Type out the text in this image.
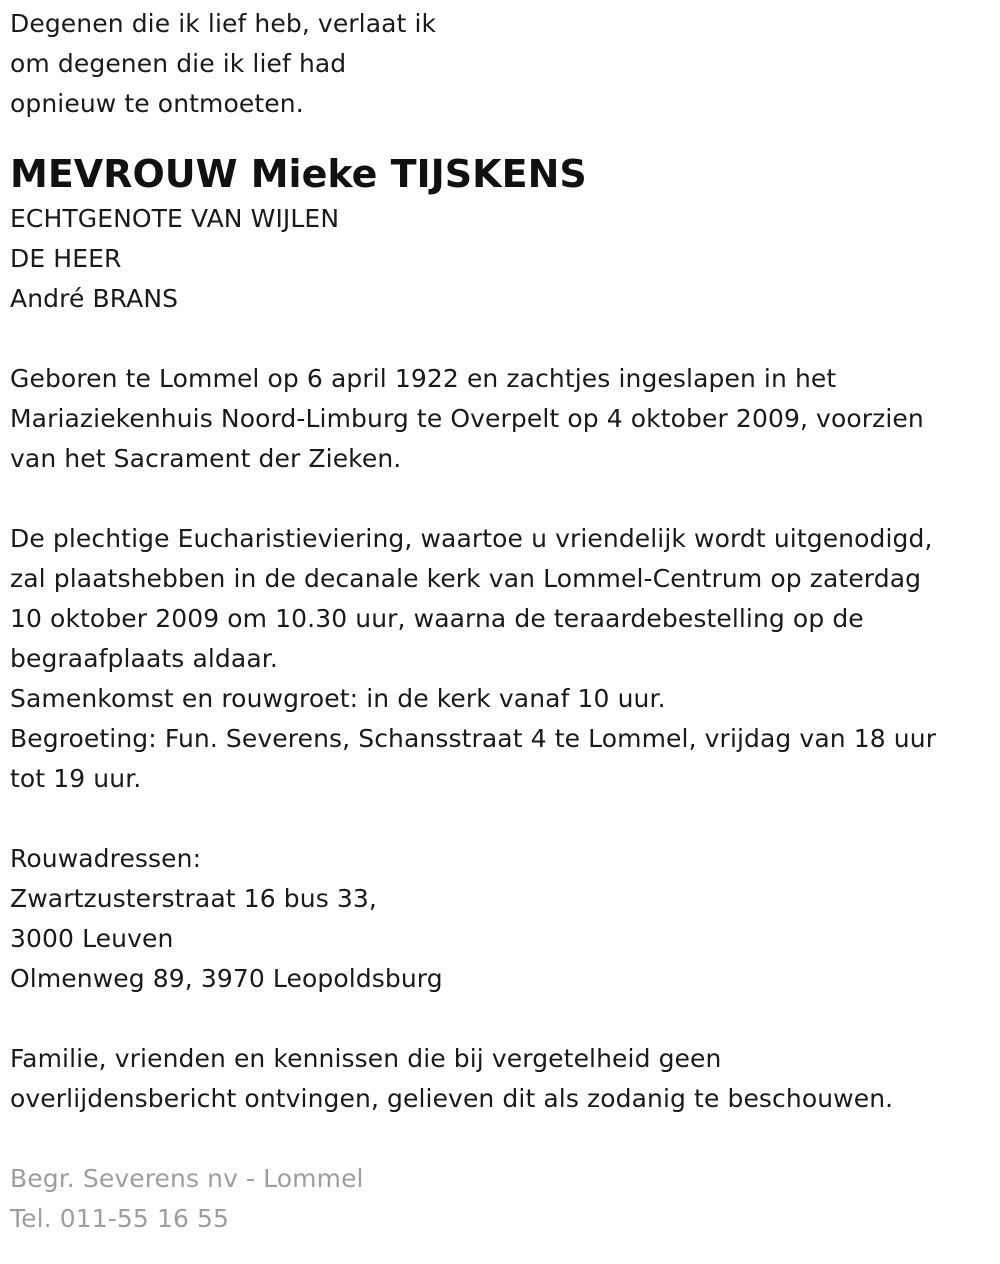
Degenen die ik lief heb, verlaat ik
om degenen die ik lief had
opnieuw te ontmoeten.
MEVROUW Mieke TIJSKENS
ECHTGENOTE VAN WIJLEN
DE HEER
André BRANS
Geboren te Lommel op 6 april 1922 en zachtjes ingeslapen in het
Mariaziekenhuis Noord-Limburg te Overpelt op 4 oktober 2009, voorzien
van het Sacrament der Zieken.
De plechtige Eucharistieviering, waartoe u vriendelijk wordt uitgenodigd,
zal plaatshebben in de decanale kerk van Lommel-Centrum op zaterdag
10 oktober 2009 om 10.30 uur, waarna de teraardebestelling op de
begraafplaats aldaar.
Samenkomst en rouwgroet: in de kerk vanaf 10 uur.
Begroeting: Fun. Severens, Schansstraat 4 te Lommel, vrijdag van 18 uur
tot 19 uur.
Rouwadressen:
Zwartzusterstraat 16 bus 33,
3000 Leuven
Olmenweg 89, 3970 Leopoldsburg
Familie, vrienden en kennissen die bij vergetelheid geen
overlijdensbericht ontvingen, gelieven dit als zodanig te beschouwen.
Begr. Severens nv - Lommel
Tel. 011-55 16 55
